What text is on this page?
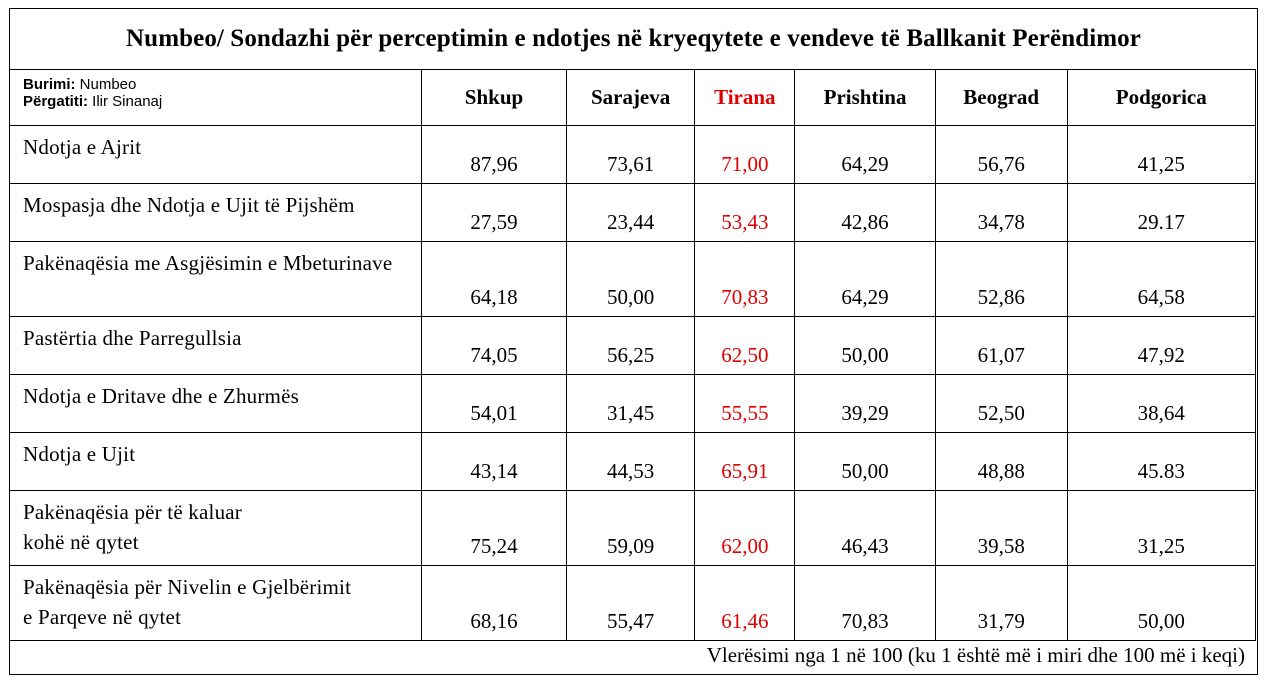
Numbeo/ Sondazhi për perceptimin e ndotjes në kryeqytete e vendeve të Ballkanit Perëndimor
Burimi: Numbeo
Përgatiti: Ilir Sinanaj	Shkup	Sarajeva	Tirana	Prishtina	Beograd	Podgorica
Ndotja e Ajrit	87,96	73,61	71,00	64,29	56,76	41,25
Mospasja dhe Ndotja e Ujit të Pijshëm	27,59	23,44	53,43	42,86	34,78	29.17
Pakënaqësia me Asgjësimin e Mbeturinave	64,18	50,00	70,83	64,29	52,86	64,58
Pastërtia dhe Parregullsia	74,05	56,25	62,50	50,00	61,07	47,92
Ndotja e Dritave dhe e Zhurmës	54,01	31,45	55,55	39,29	52,50	38,64
Ndotja e Ujit	43,14	44,53	65,91	50,00	48,88	45.83
Pakënaqësia për të kaluar
kohë në qytet	75,24	59,09	62,00	46,43	39,58	31,25
Pakënaqësia për Nivelin e Gjelbërimit
e Parqeve në qytet	68,16	55,47	61,46	70,83	31,79	50,00
Vlerësimi nga 1 në 100 (ku 1 është më i miri dhe 100 më i keqi)
